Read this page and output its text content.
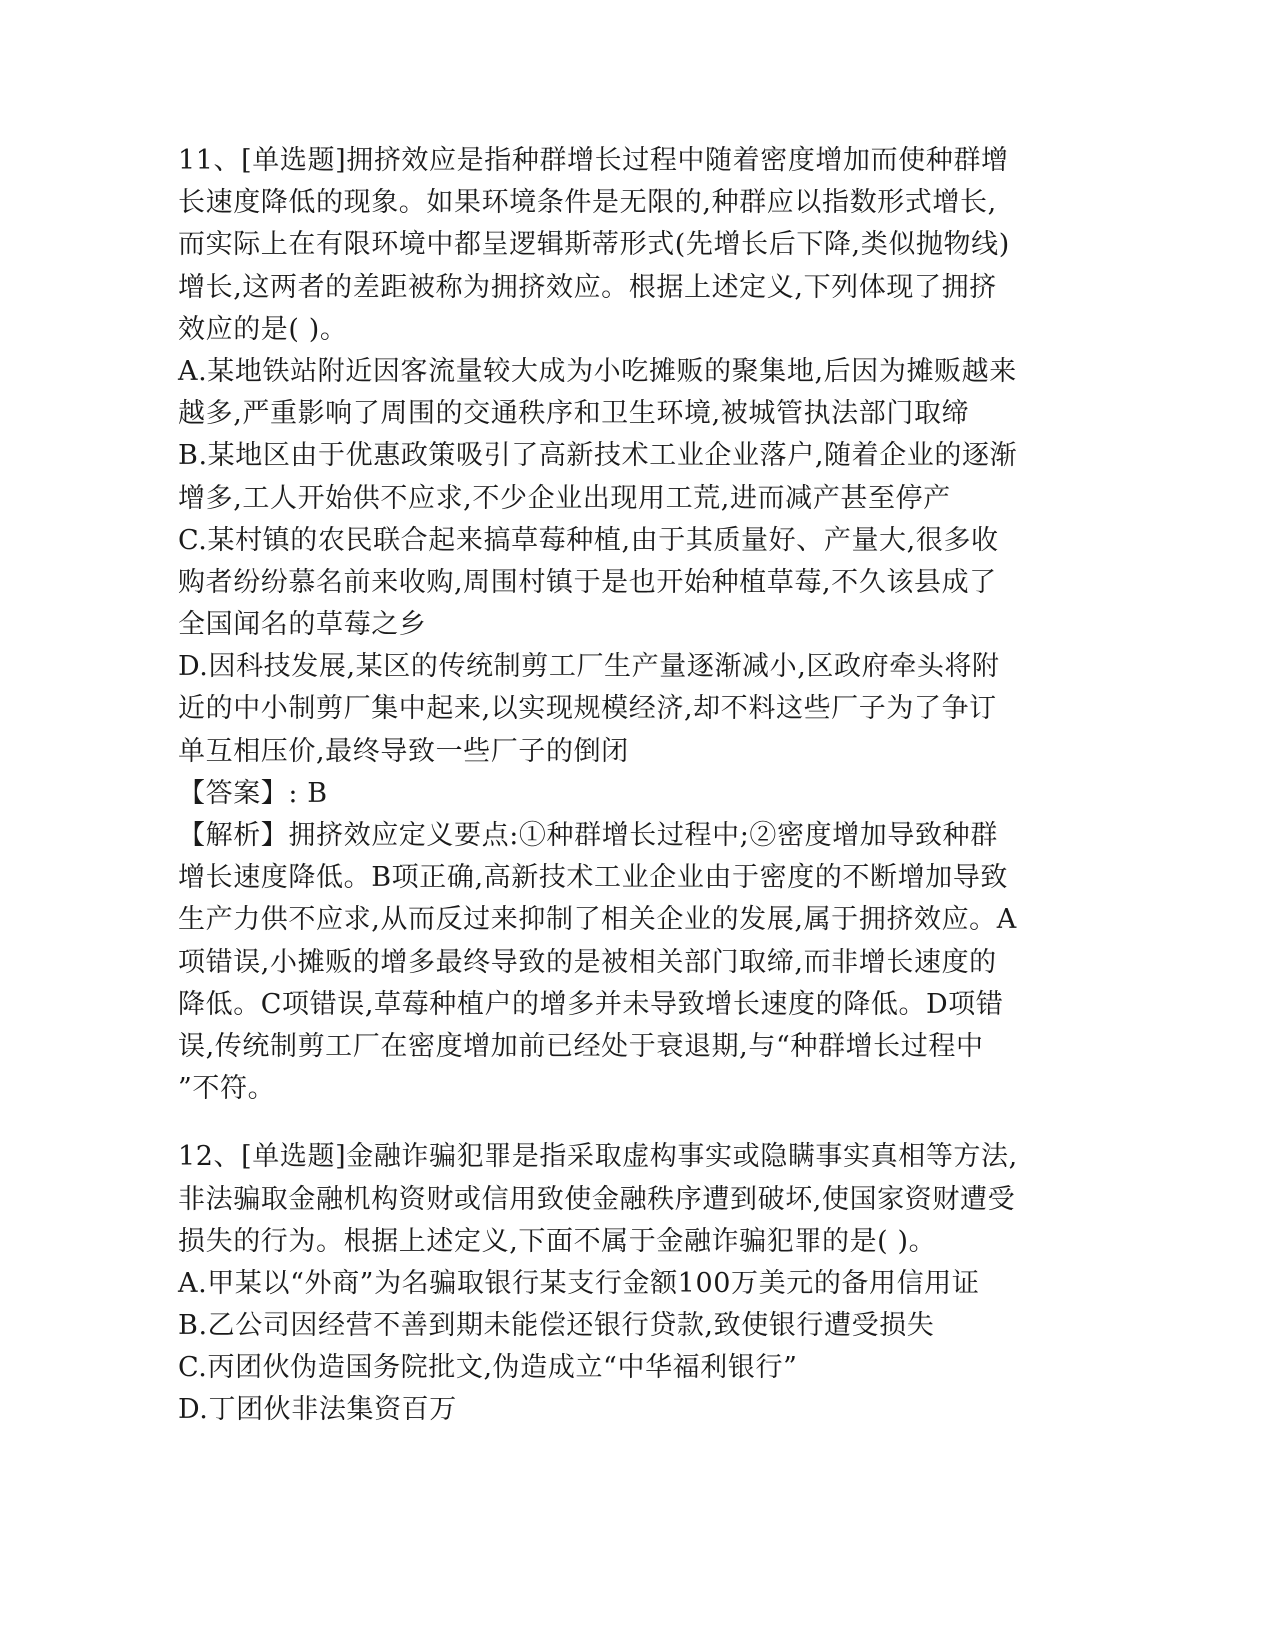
11、[单选题]拥挤效应是指种群增长过程中随着密度增加而使种群增
长速度降低的现象。如果环境条件是无限的,种群应以指数形式增长,
而实际上在有限环境中都呈逻辑斯蒂形式(先增长后下降,类似抛物线)
增长,这两者的差距被称为拥挤效应。根据上述定义,下列体现了拥挤
效应的是( )。
A.某地铁站附近因客流量较大成为小吃摊贩的聚集地,后因为摊贩越来
越多,严重影响了周围的交通秩序和卫生环境,被城管执法部门取缔
B.某地区由于优惠政策吸引了高新技术工业企业落户,随着企业的逐渐
增多,工人开始供不应求,不少企业出现用工荒,进而减产甚至停产
C.某村镇的农民联合起来搞草莓种植,由于其质量好、产量大,很多收
购者纷纷慕名前来收购,周围村镇于是也开始种植草莓,不久该县成了
全国闻名的草莓之乡
D.因科技发展,某区的传统制剪工厂生产量逐渐减小,区政府牵头将附
近的中小制剪厂集中起来,以实现规模经济,却不料这些厂子为了争订
单互相压价,最终导致一些厂子的倒闭
【答案】: B
【解析】拥挤效应定义要点:①种群增长过程中;②密度增加导致种群
增长速度降低。B项正确,高新技术工业企业由于密度的不断增加导致
生产力供不应求,从而反过来抑制了相关企业的发展,属于拥挤效应。A
项错误,小摊贩的增多最终导致的是被相关部门取缔,而非增长速度的
降低。C项错误,草莓种植户的增多并未导致增长速度的降低。D项错
误,传统制剪工厂在密度增加前已经处于衰退期,与“种群增长过程中
”不符。
12、[单选题]金融诈骗犯罪是指采取虚构事实或隐瞒事实真相等方法,
非法骗取金融机构资财或信用致使金融秩序遭到破坏,使国家资财遭受
损失的行为。根据上述定义,下面不属于金融诈骗犯罪的是( )。
A.甲某以“外商”为名骗取银行某支行金额100万美元的备用信用证
B.乙公司因经营不善到期未能偿还银行贷款,致使银行遭受损失
C.丙团伙伪造国务院批文,伪造成立“中华福利银行”
D.丁团伙非法集资百万
